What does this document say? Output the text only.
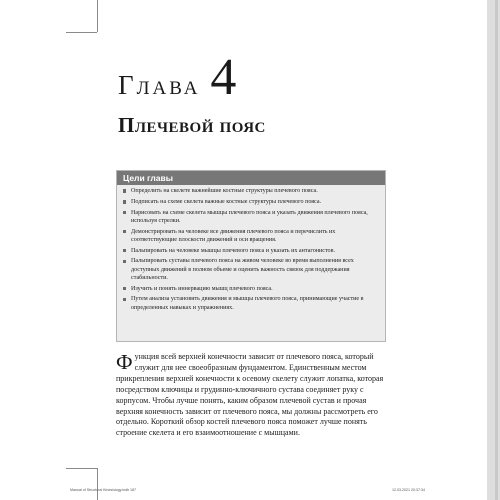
Глава 4
Плечевой пояс
Цели главы
Определить на скелете важнейшие костные структуры плечевого пояса.
Подписать на схеме скелета важные костные структуры плечевого пояса.
Нарисовать на схеме скелета мышцы плечевого пояса и указать движения плечевого пояса, используя стрелки.
Демонстрировать на человеке все движения плечевого пояса и перечислить их соответствующие плоскости движений и оси вращения.
Пальпировать на человеке мышцы плечевого пояса и указать их антагонистов.
Пальпировать суставы плечевого пояса на живом человеке во время выполнения всех доступных движений в полном объеме и оценить важность связок для поддержания стабильности.
Изучить и понять иннервацию мышц плечевого пояса.
Путем анализа установить движения и мышцы плечевого пояса, принимающие участие в определенных навыках и упражнениях.
Функция всей верхней конечности зависит от плечевого пояса, который служит для нее своеобразным фундаментом. Единственным местом прикрепления верхней конечности к осевому скелету служит лопатка, которая посредством ключицы и грудинно-ключичного сустава соединяет руку с корпусом. Чтобы лучше понять, каким образом плечевой сустав и прочая верхняя конечность зависит от плечевого пояса, мы должны рассмотреть его отдельно. Короткий обзор костей плечевого пояса поможет лучше понять строение скелета и его взаимоотношение с мышцами.
Manual of Structural Kinesiology.indb 187	12.03.2021 20:37:34
